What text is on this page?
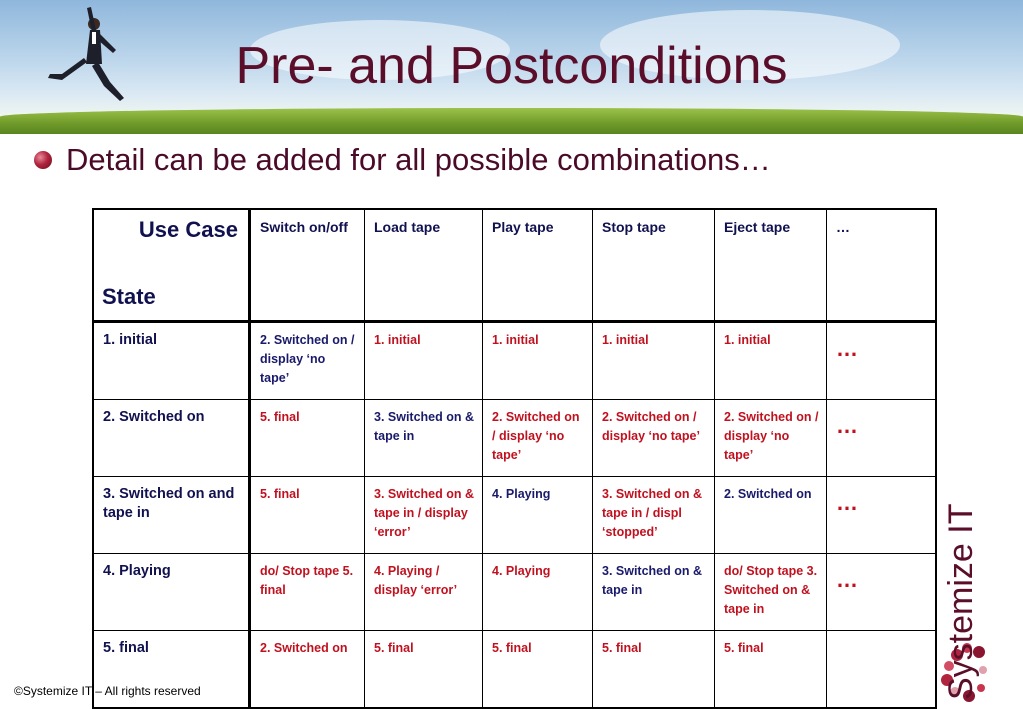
Pre- and Postconditions
Detail can be added for all possible combinations…
Use Case
State	Switch on/off	Load tape	Play tape	Stop tape	Eject tape	…
1. initial	2. Switched on / display ‘no tape’	1. initial	1. initial	1. initial	1. initial	…
2. Switched on	5. final	3. Switched on & tape in	2. Switched on / display ‘no tape’	2. Switched on / display ‘no tape’	2. Switched on / display ‘no tape’	…
3. Switched on and tape in	5. final	3. Switched on & tape in / display ‘error’	4. Playing	3. Switched on & tape in / displ ‘stopped’	2. Switched on	…
4. Playing	do/ Stop tape 5. final	4. Playing / display ‘error’	4. Playing	3. Switched on & tape in	do/ Stop tape 3. Switched on & tape in	…
5. final	2. Switched on	5. final	5. final	5. final	5. final	
©Systemize IT – All rights reserved	Systemize IT
